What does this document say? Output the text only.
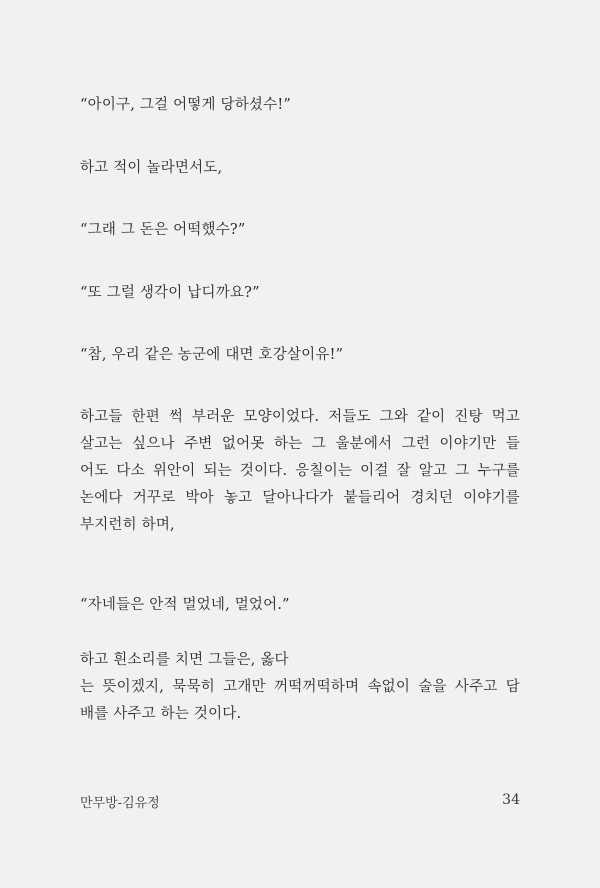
“아이구, 그걸 어떻게 당하셨수!”
하고 적이 놀라면서도,
“그래 그 돈은 어떡했수?”
“또 그럴 생각이 납디까요?”
“참, 우리 같은 농군에 대면 호강살이유!”
하고들 한편 썩 부러운 모양이었다. 저들도 그와 같이 진탕 먹고
살고는 싶으나 주변 없어못 하는 그 울분에서 그런 이야기만 들
어도 다소 위안이 되는 것이다. 응칠이는 이걸 잘 알고 그 누구를
논에다 거꾸로 박아 놓고 달아나다가 붙들리어 경치던 이야기를
부지런히 하며,
“자네들은 안적 멀었네, 멀었어.”
하고 흰소리를 치면 그들은, 옳다
는 뜻이겠지, 묵묵히 고개만 꺼떡꺼떡하며 속없이 술을 사주고 담
배를 사주고 하는 것이다.
만무방-김유정	34
